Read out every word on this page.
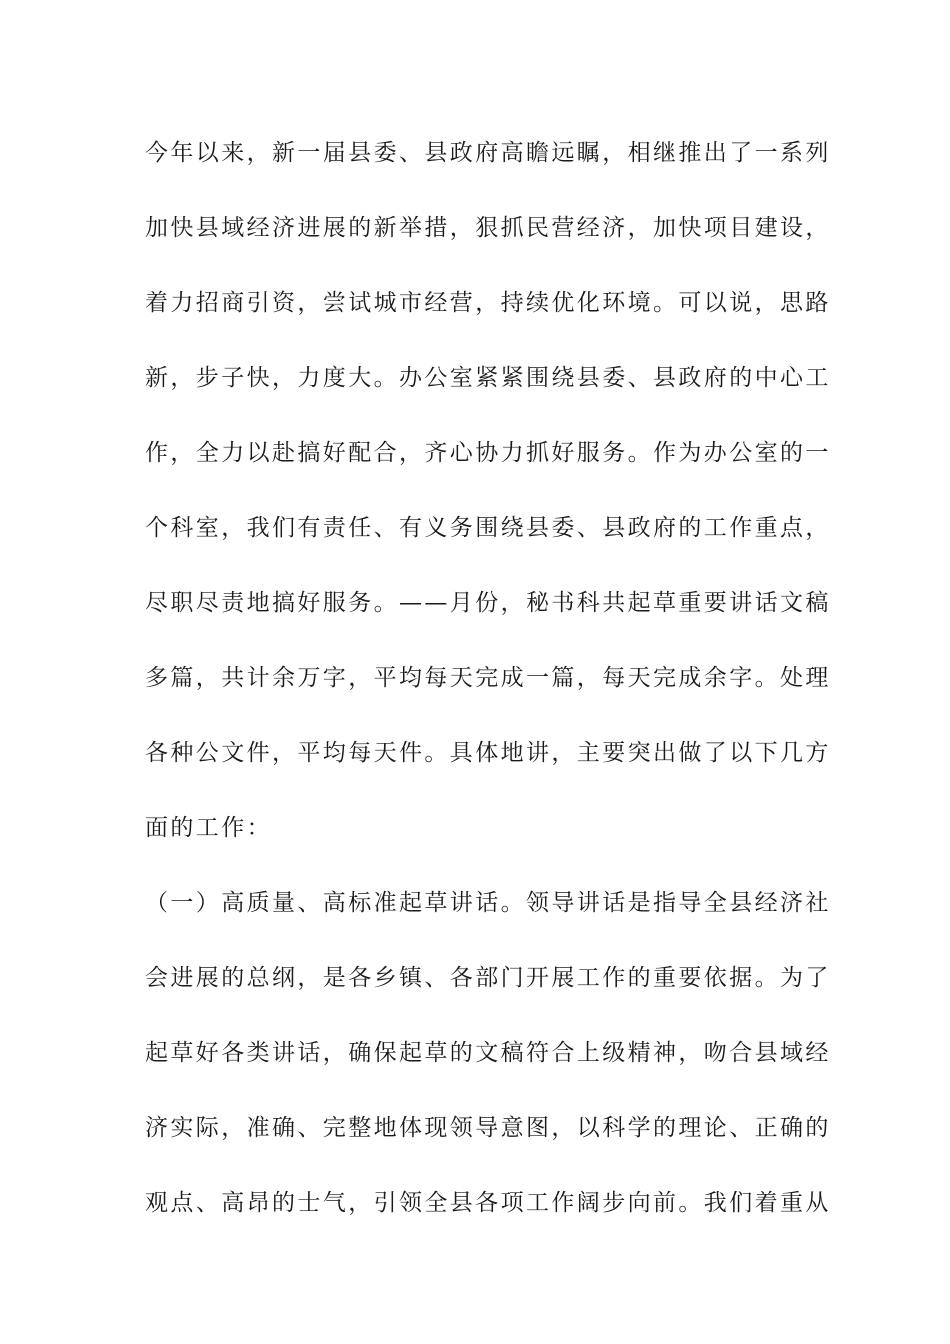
今年以来，新一届县委、县政府高瞻远瞩，相继推出了一系列
加快县域经济进展的新举措，狠抓民营经济，加快项目建设，
着力招商引资，尝试城市经营，持续优化环境。可以说，思路
新，步子快，力度大。办公室紧紧围绕县委、县政府的中心工
作，全力以赴搞好配合，齐心协力抓好服务。作为办公室的一
个科室，我们有责任、有义务围绕县委、县政府的工作重点，
尽职尽责地搞好服务。——月份，秘书科共起草重要讲话文稿
多篇，共计余万字，平均每天完成一篇，每天完成余字。处理
各种公文件，平均每天件。具体地讲，主要突出做了以下几方
面的工作：
（一）高质量、高标准起草讲话。领导讲话是指导全县经济社
会进展的总纲，是各乡镇、各部门开展工作的重要依据。为了
起草好各类讲话，确保起草的文稿符合上级精神，吻合县域经
济实际，准确、完整地体现领导意图，以科学的理论、正确的
观点、高昂的士气，引领全县各项工作阔步向前。我们着重从
